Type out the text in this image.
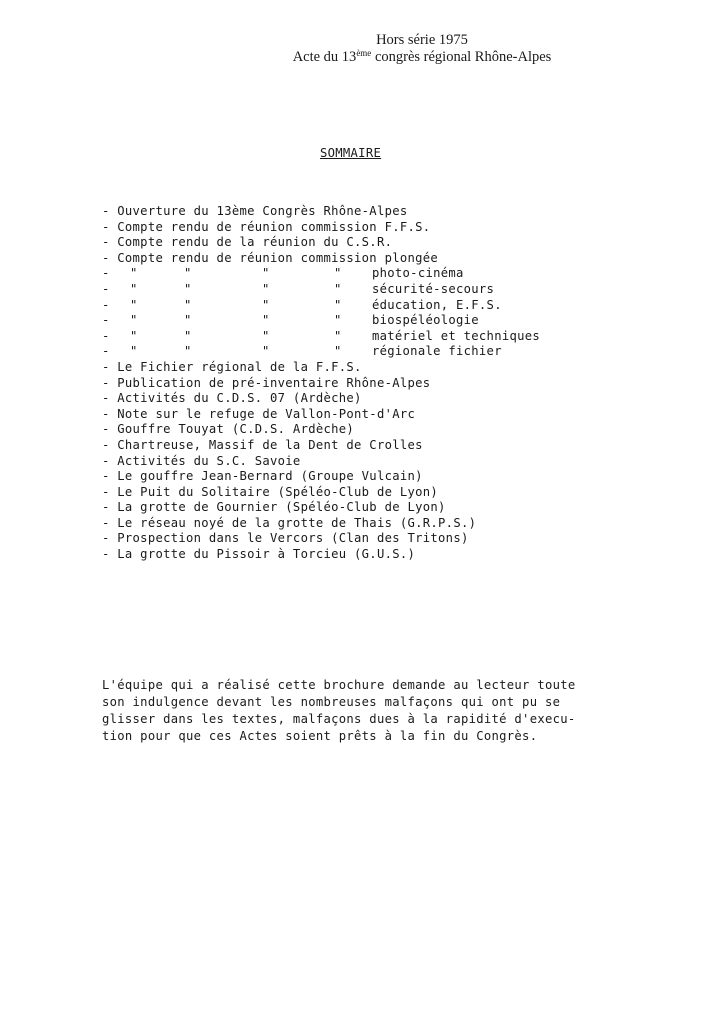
Hors série 1975
Acte du 13ème congrès régional Rhône-Alpes
SOMMAIRE
- Ouverture du 13ème Congrès Rhône-Alpes
- Compte rendu de réunion commission F.F.S.
- Compte rendu de la réunion du C.S.R.
- Compte rendu de réunion commission plongée
- "	"	"	" photo-cinéma
- "	"	"	" sécurité-secours
- "	"	"	" éducation, E.F.S.
- "	"	"	" biospéléologie
- "	"	"	" matériel et techniques
- "	"	"	" régionale fichier
- Le Fichier régional de la F.F.S.
- Publication de pré-inventaire Rhône-Alpes
- Activités du C.D.S. 07 (Ardèche)
- Note sur le refuge de Vallon-Pont-d'Arc
- Gouffre Touyat (C.D.S. Ardèche)
- Chartreuse, Massif de la Dent de Crolles
- Activités du S.C. Savoie
- Le gouffre Jean-Bernard (Groupe Vulcain)
- Le Puit du Solitaire (Spéléo-Club de Lyon)
- La grotte de Gournier (Spéléo-Club de Lyon)
- Le réseau noyé de la grotte de Thais (G.R.P.S.)
- Prospection dans le Vercors (Clan des Tritons)
- La grotte du Pissoir à Torcieu (G.U.S.)
L'équipe qui a réalisé cette brochure demande au lecteur toute
son indulgence devant les nombreuses malfaçons qui ont pu se
glisser dans les textes, malfaçons dues à la rapidité d'execu-
tion pour que ces Actes soient prêts à la fin du Congrès.
